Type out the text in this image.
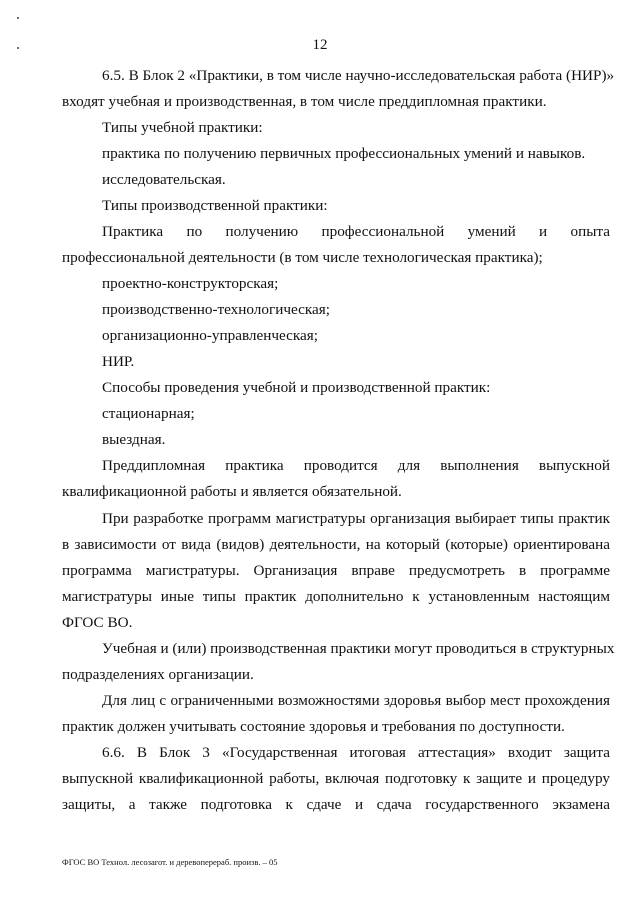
12
6.5. В Блок 2 «Практики, в том числе научно-исследовательская работа (НИР)»
входят учебная и производственная, в том числе преддипломная практики.
Типы учебной практики:
практика по получению первичных профессиональных умений и навыков.
исследовательская.
Типы производственной практики:
Практика по получению профессиональной умений и опыта
профессиональной деятельности (в том числе технологическая практика);
проектно-конструкторская;
производственно-технологическая;
организационно-управленческая;
НИР.
Способы проведения учебной и производственной практик:
стационарная;
выездная.
Преддипломная практика проводится для выполнения выпускной
квалификационной работы и является обязательной.
При разработке программ магистратуры организация выбирает типы практик
в зависимости от вида (видов) деятельности, на который (которые) ориентирована
программа магистратуры. Организация вправе предусмотреть в программе
магистратуры иные типы практик дополнительно к установленным настоящим
ФГОС ВО.
Учебная и (или) производственная практики могут проводиться в структурных
подразделениях организации.
Для лиц с ограниченными возможностями здоровья выбор мест прохождения
практик должен учитывать состояние здоровья и требования по доступности.
6.6. В Блок 3 «Государственная итоговая аттестация» входит защита
выпускной квалификационной работы, включая подготовку к защите и процедуру
защиты, а также подготовка к сдаче и сдача государственного экзамена
ФГОС ВО Технол. лесозагот. и деревоперераб. произв. – 05
